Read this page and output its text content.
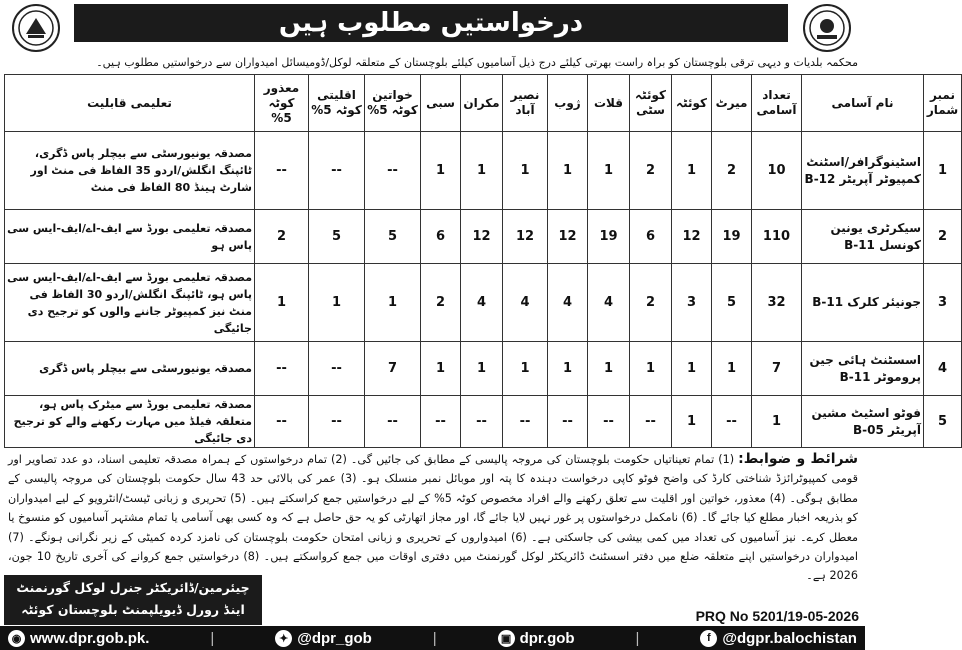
درخواستیں مطلوب ہیں
محکمہ بلدیات و دیہی ترقی بلوچستان کو براہ راست بھرتی کیلئے درج ذیل آسامیوں کیلئے بلوچستان کے متعلقہ لوکل/ڈومیسائل امیدواران سے درخواستیں مطلوب ہیں۔
نمبر شمار	نام آسامی	تعداد آسامی	میرٹ	کوئٹہ	کوئٹہ سٹی	قلات	ژوب	نصیر آباد	مکران	سبی	خواتین کوٹہ 5%	اقلیتی کوٹہ 5%	معذور کوٹہ 5%	تعلیمی قابلیت
1	اسٹینوگرافر/اسٹنٹ کمپیوٹر آپریٹر B-12	10	2	1	2	1	1	1	1	1	--	--	--	مصدقہ یونیورسٹی سے بیچلر پاس ڈگری، ٹائپنگ انگلش/اردو 35 الفاظ فی منٹ اور شارٹ ہینڈ 80 الفاظ فی منٹ
2	سیکرٹری یونین کونسل B-11	110	19	12	6	19	12	12	12	6	5	5	2	مصدقہ تعلیمی بورڈ سے ایف-اے/ایف-ایس سی پاس ہو
3	جونیئر کلرک B-11	32	5	3	2	4	4	4	4	2	1	1	1	مصدقہ تعلیمی بورڈ سے ایف-اے/ایف-ایس سی پاس ہو، ٹائپنگ انگلش/اردو 30 الفاظ فی منٹ نیز کمپیوٹر جاننے والوں کو ترجیح دی جائیگی
4	اسسٹنٹ ہائی جین پروموٹر B-11	7	1	1	1	1	1	1	1	1	7	--	--	مصدقہ یونیورسٹی سے بیچلر پاس ڈگری
5	فوٹو اسٹیٹ مشین آپریٹر B-05	1	--	1	--	--	--	--	--	--	--	--	--	مصدقہ تعلیمی بورڈ سے میٹرک پاس ہو، متعلقہ فیلڈ میں مہارت رکھنے والے کو ترجیح دی جائیگی
شرائط و ضوابط: (1) تمام تعیناتیاں حکومت بلوچستان کی مروجہ پالیسی کے مطابق کی جائیں گی۔ (2) تمام درخواستوں کے ہمراہ مصدقہ تعلیمی اسناد، دو عدد تصاویر اور قومی کمپیوٹرائزڈ شناختی کارڈ کی واضح فوٹو کاپی درخواست دہندہ کا پتہ اور موبائل نمبر منسلک ہو۔ (3) عمر کی بالائی حد 43 سال حکومت بلوچستان کی مروجہ پالیسی کے مطابق ہوگی۔ (4) معذور، خواتین اور اقلیت سے تعلق رکھنے والے افراد مخصوص کوٹہ 5% کے لیے درخواستیں جمع کراسکتے ہیں۔ (5) تحریری و زبانی ٹیسٹ/انٹرویو کے لیے امیدواران کو بذریعہ اخبار مطلع کیا جائے گا۔ (6) نامکمل درخواستوں پر غور نہیں لایا جائے گا، اور مجاز اتھارٹی کو یہ حق حاصل ہے کہ وہ کسی بھی آسامی یا تمام مشتہر آسامیوں کو منسوخ یا معطل کرے۔ نیز آسامیوں کی تعداد میں کمی بیشی کی جاسکتی ہے۔ (6) امیدواروں کے تحریری و زبانی امتحان حکومت بلوچستان کی نامزد کردہ کمیٹی کے زیر نگرانی ہونگے۔ (7) امیدواران درخواستیں اپنے متعلقہ ضلع میں دفتر اسسٹنٹ ڈائریکٹر لوکل گورنمنٹ میں دفتری اوقات میں جمع کرواسکتے ہیں۔ (8) درخواستیں جمع کروانے کی آخری تاریخ 10 جون، 2026 ہے۔
چیئرمین/ڈائریکٹر جنرل لوکل گورنمنٹ
اینڈ رورل ڈیویلپمنٹ بلوچستان کوئٹہ	PRQ No 5201/19-05-2026
◉ www.dpr.gob.pk.	|	✦ @dpr_gob	|	▣ dpr.gob	|	f @dgpr.balochistan
